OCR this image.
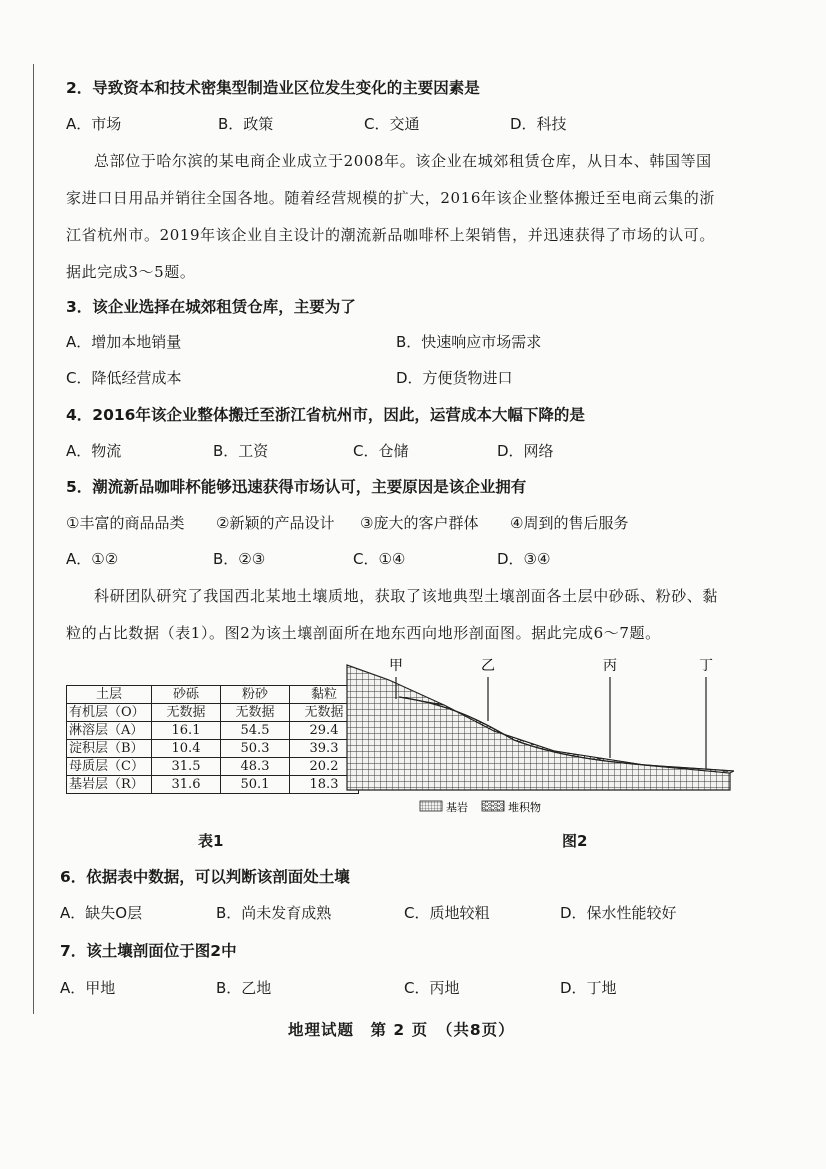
2．导致资本和技术密集型制造业区位发生变化的主要因素是
A．市场	B．政策	C．交通	D．科技
总部位于哈尔滨的某电商企业成立于2008年。该企业在城郊租赁仓库，从日本、韩国等国
家进口日用品并销往全国各地。随着经营规模的扩大，2016年该企业整体搬迁至电商云集的浙
江省杭州市。2019年该企业自主设计的潮流新品咖啡杯上架销售，并迅速获得了市场的认可。
据此完成3～5题。
3．该企业选择在城郊租赁仓库，主要为了
A．增加本地销量	B．快速响应市场需求
C．降低经营成本	D．方便货物进口
4．2016年该企业整体搬迁至浙江省杭州市，因此，运营成本大幅下降的是
A．物流	B．工资	C．仓储	D．网络
5．潮流新品咖啡杯能够迅速获得市场认可，主要原因是该企业拥有
①丰富的商品品类 ②新颖的产品设计 ③庞大的客户群体 ④周到的售后服务
A．①②	B．②③	C．①④	D．③④
科研团队研究了我国西北某地土壤质地，获取了该地典型土壤剖面各土层中砂砾、粉砂、黏
粒的占比数据（表1）。图2为该土壤剖面所在地东西向地形剖面图。据此完成6～7题。
土层	砂砾	粉砂	黏粒
有机层（O）	无数据	无数据	无数据
淋溶层（A）	16.1	54.5	29.4
淀积层（B）	10.4	50.3	39.3
母质层（C）	31.5	48.3	20.2
基岩层（R）	31.6	50.1	18.3
表1
甲	乙	丙	丁
基岩	堆积物
图2
6．依据表中数据，可以判断该剖面处土壤
A．缺失O层	B．尚未发育成熟	C．质地较粗	D．保水性能较好
7．该土壤剖面位于图2中
A．甲地	B．乙地	C．丙地	D．丁地
地理试题　第 2 页　（共8页）
